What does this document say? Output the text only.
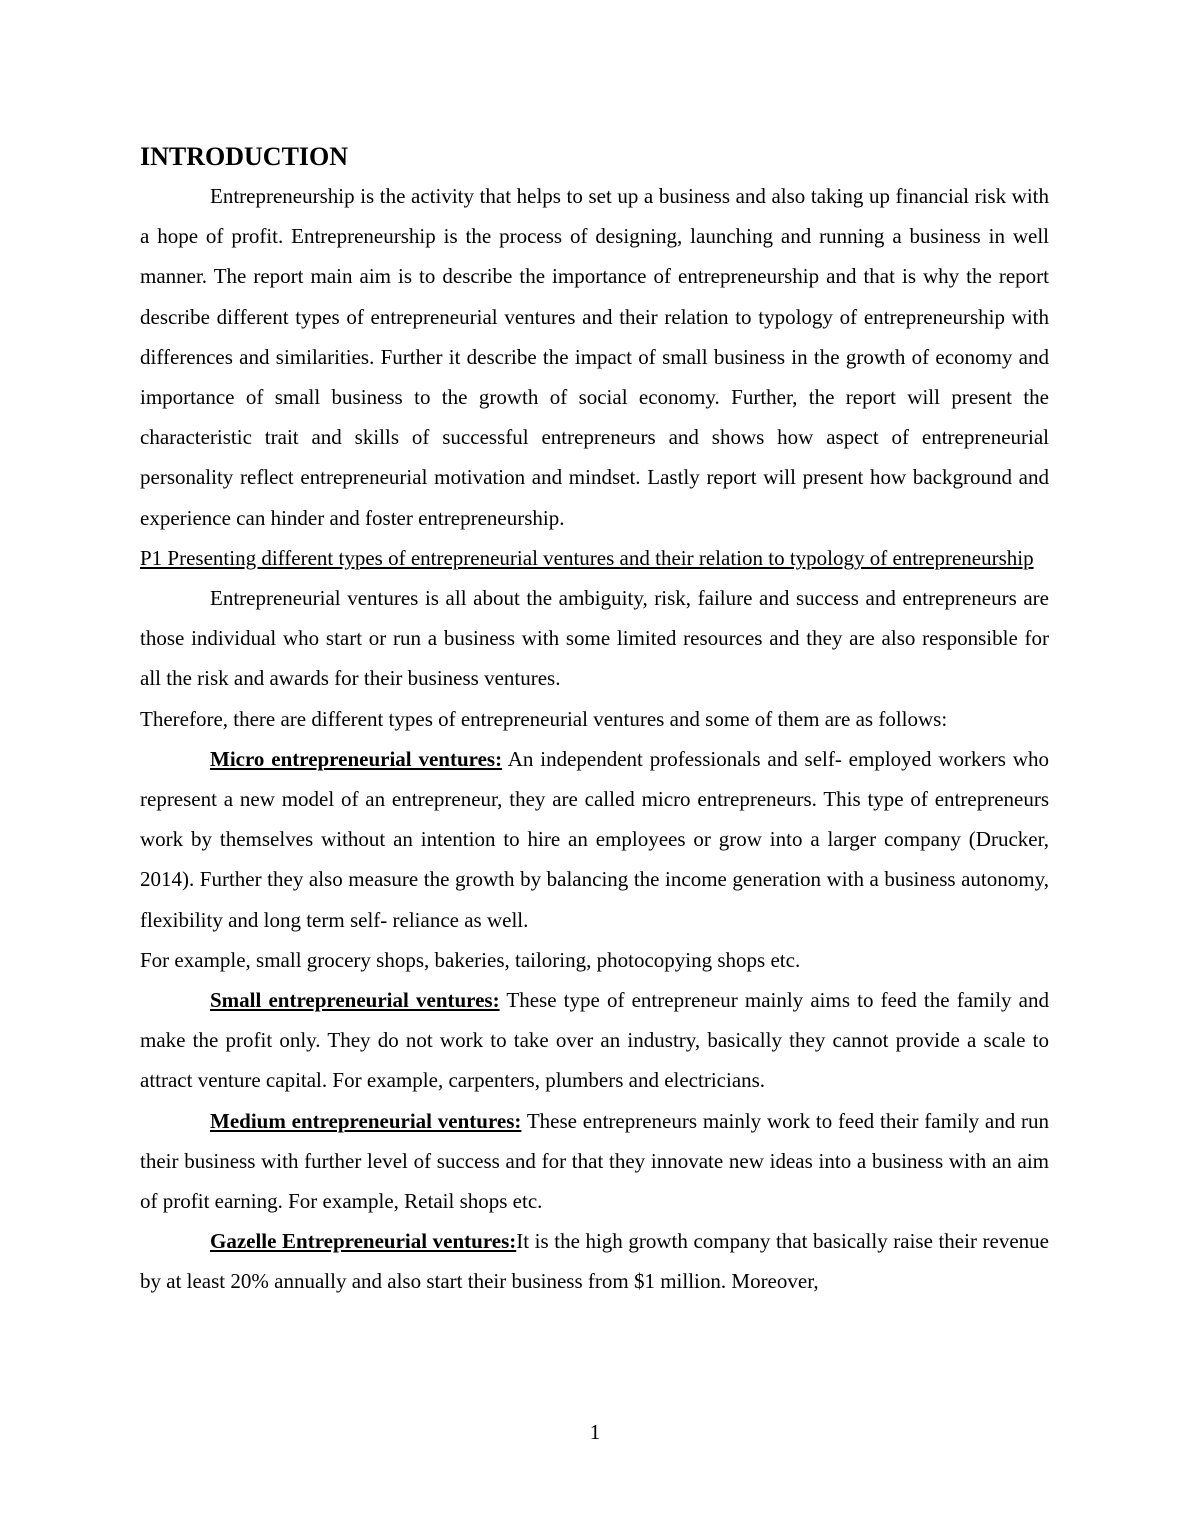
INTRODUCTION

Entrepreneurship is the activity that helps to set up a business and also taking up financial risk with a hope of profit. Entrepreneurship is the process of designing, launching and running a business in well manner. The report main aim is to describe the importance of entrepreneurship and that is why the report describe different types of entrepreneurial ventures and their relation to typology of entrepreneurship with differences and similarities. Further it describe the impact of small business in the growth of economy and importance of small business to the growth of social economy. Further, the report will present the characteristic trait and skills of successful entrepreneurs and shows how aspect of entrepreneurial personality reflect entrepreneurial motivation and mindset. Lastly report will present how background and experience can hinder and foster entrepreneurship.

P1 Presenting different types of entrepreneurial ventures and their relation to typology of entrepreneurship

Entrepreneurial ventures is all about the ambiguity, risk, failure and success and entrepreneurs are those individual who start or run a business with some limited resources and they are also responsible for all the risk and awards for their business ventures.

Therefore, there are different types of entrepreneurial ventures and some of them are as follows:

Micro entrepreneurial ventures: An independent professionals and self- employed workers who represent a new model of an entrepreneur, they are called micro entrepreneurs. This type of entrepreneurs work by themselves without an intention to hire an employees or grow into a larger company (Drucker, 2014). Further they also measure the growth by balancing the income generation with a business autonomy, flexibility and long term self- reliance as well.

For example, small grocery shops, bakeries, tailoring, photocopying shops etc.

Small entrepreneurial ventures: These type of entrepreneur mainly aims to feed the family and make the profit only. They do not work to take over an industry, basically they cannot provide a scale to attract venture capital. For example, carpenters, plumbers and electricians.

Medium entrepreneurial ventures: These entrepreneurs mainly work to feed their family and run their business with further level of success and for that they innovate new ideas into a business with an aim of profit earning. For example, Retail shops etc.

Gazelle Entrepreneurial ventures:It is the high growth company that basically raise their revenue by at least 20% annually and also start their business from $1 million. Moreover,

1
